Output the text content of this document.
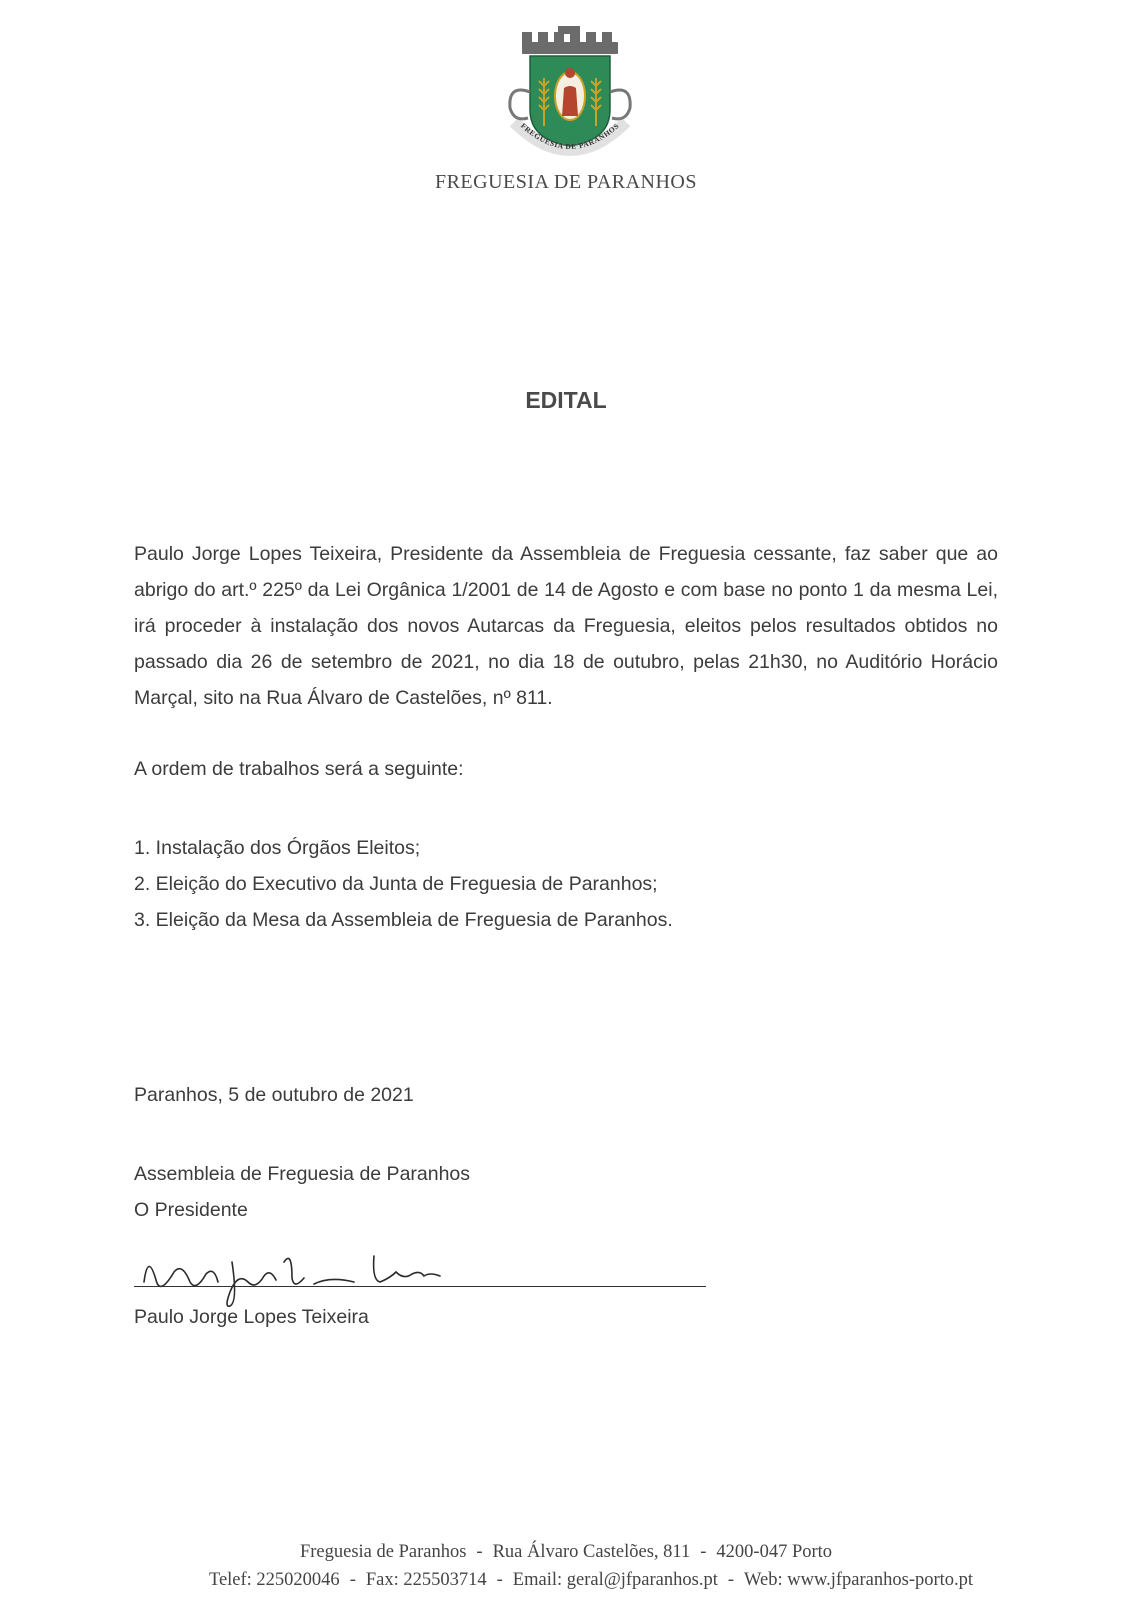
FREGUESIA DE PARANHOS
FREGUESIA DE PARANHOS
EDITAL
Paulo Jorge Lopes Teixeira, Presidente da Assembleia de Freguesia cessante, faz saber que ao abrigo do art.º 225º da Lei Orgânica 1/2001 de 14 de Agosto e com base no ponto 1 da mesma Lei, irá proceder à instalação dos novos Autarcas da Freguesia, eleitos pelos resultados obtidos no passado dia 26 de setembro de 2021, no dia 18 de outubro, pelas 21h30, no Auditório Horácio Marçal, sito na Rua Álvaro de Castelões, nº 811.
A ordem de trabalhos será a seguinte:
1. Instalação dos Órgãos Eleitos;
2. Eleição do Executivo da Junta de Freguesia de Paranhos;
3. Eleição da Mesa da Assembleia de Freguesia de Paranhos.
Paranhos, 5 de outubro de 2021
Assembleia de Freguesia de Paranhos
O Presidente
Paulo Jorge Lopes Teixeira
Freguesia de Paranhos - Rua Álvaro Castelões, 811 - 4200-047 Porto
Telef: 225020046 - Fax: 225503714 - Email: geral@jfparanhos.pt - Web: www.jfparanhos-porto.pt
